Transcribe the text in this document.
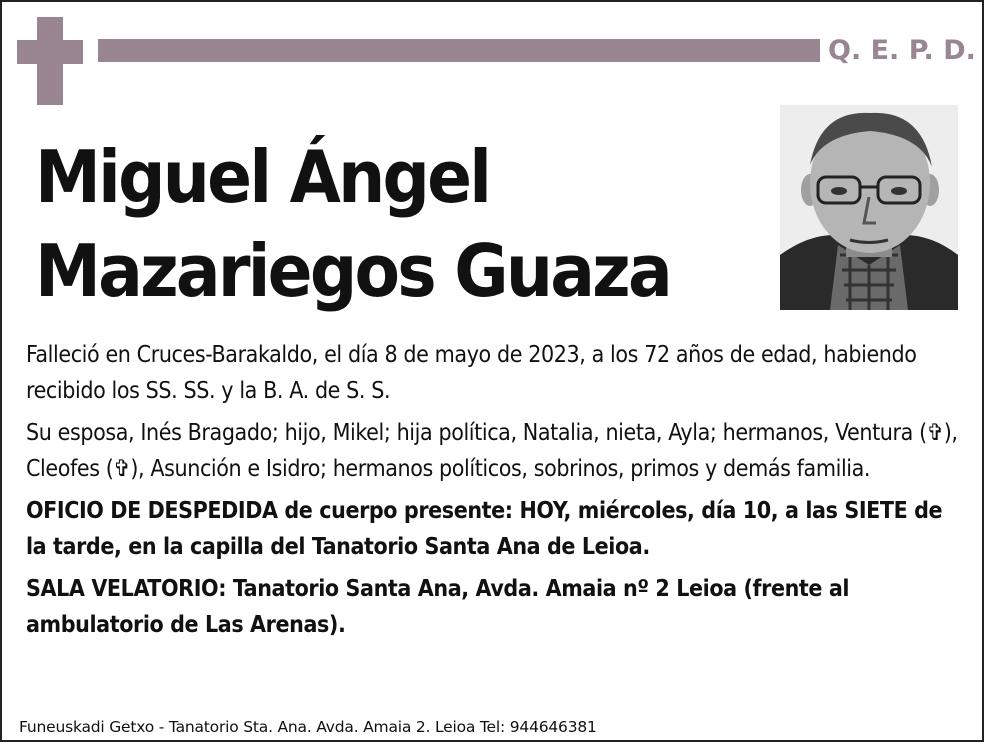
Q. E. P. D.
Miguel Ángel
Mazariegos Guaza

Falleció en Cruces-Barakaldo, el día 8 de mayo de 2023, a los 72 años de edad, habiendo recibido los SS. SS. y la B. A. de S. S.

Su esposa, Inés Bragado; hijo, Mikel; hija política, Natalia, nieta, Ayla; hermanos, Ventura (✞), Cleofes (✞), Asunción e Isidro; hermanos políticos, sobrinos, primos y demás familia.

OFICIO DE DESPEDIDA de cuerpo presente: HOY, miércoles, día 10, a las SIETE de la tarde, en la capilla del Tanatorio Santa Ana de Leioa.

SALA VELATORIO: Tanatorio Santa Ana, Avda. Amaia nº 2 Leioa (frente al ambulatorio de Las Arenas).

Funeuskadi Getxo - Tanatorio Sta. Ana. Avda. Amaia 2. Leioa Tel: 944646381
